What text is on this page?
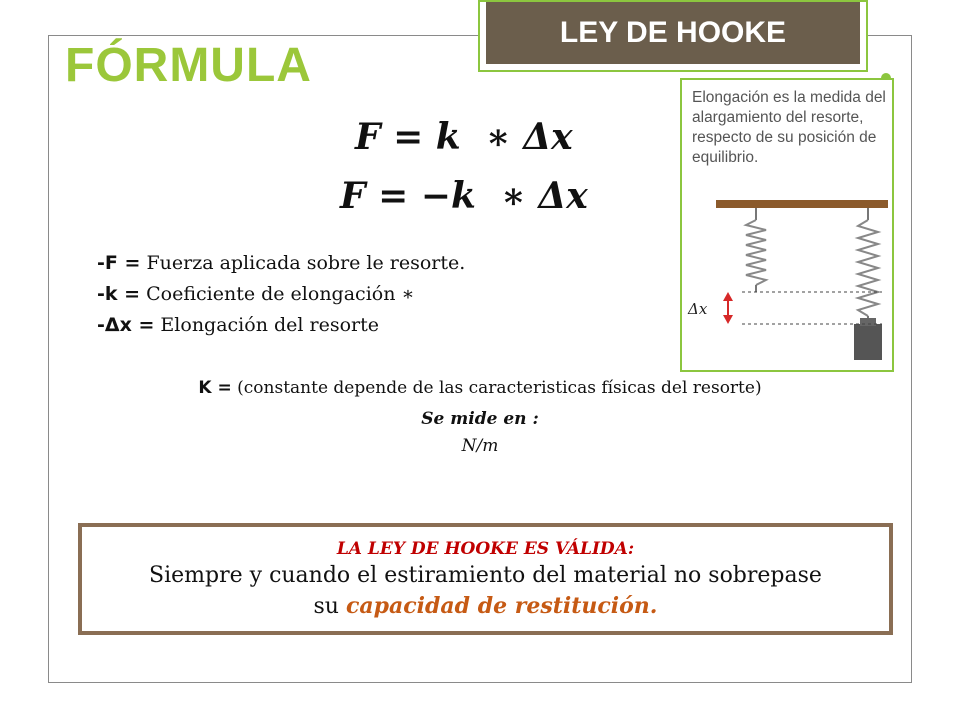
LEY DE HOOKE
FÓRMULA
F = k  ∗ Δx
F = −k  ∗ Δx
-F = Fuerza aplicada sobre le resorte.
-k = Coeficiente de elongación ∗
-Δx = Elongación del resorte
K = (constante depende de las caracteristicas físicas del resorte)
Se mide en :
N/m
Elongación es la medida del alargamiento del resorte, respecto de su posición de equilibrio.
Δx
LA LEY DE HOOKE ES VÁLIDA:
Siempre y cuando el estiramiento del material no sobrepase
su capacidad de restitución.
